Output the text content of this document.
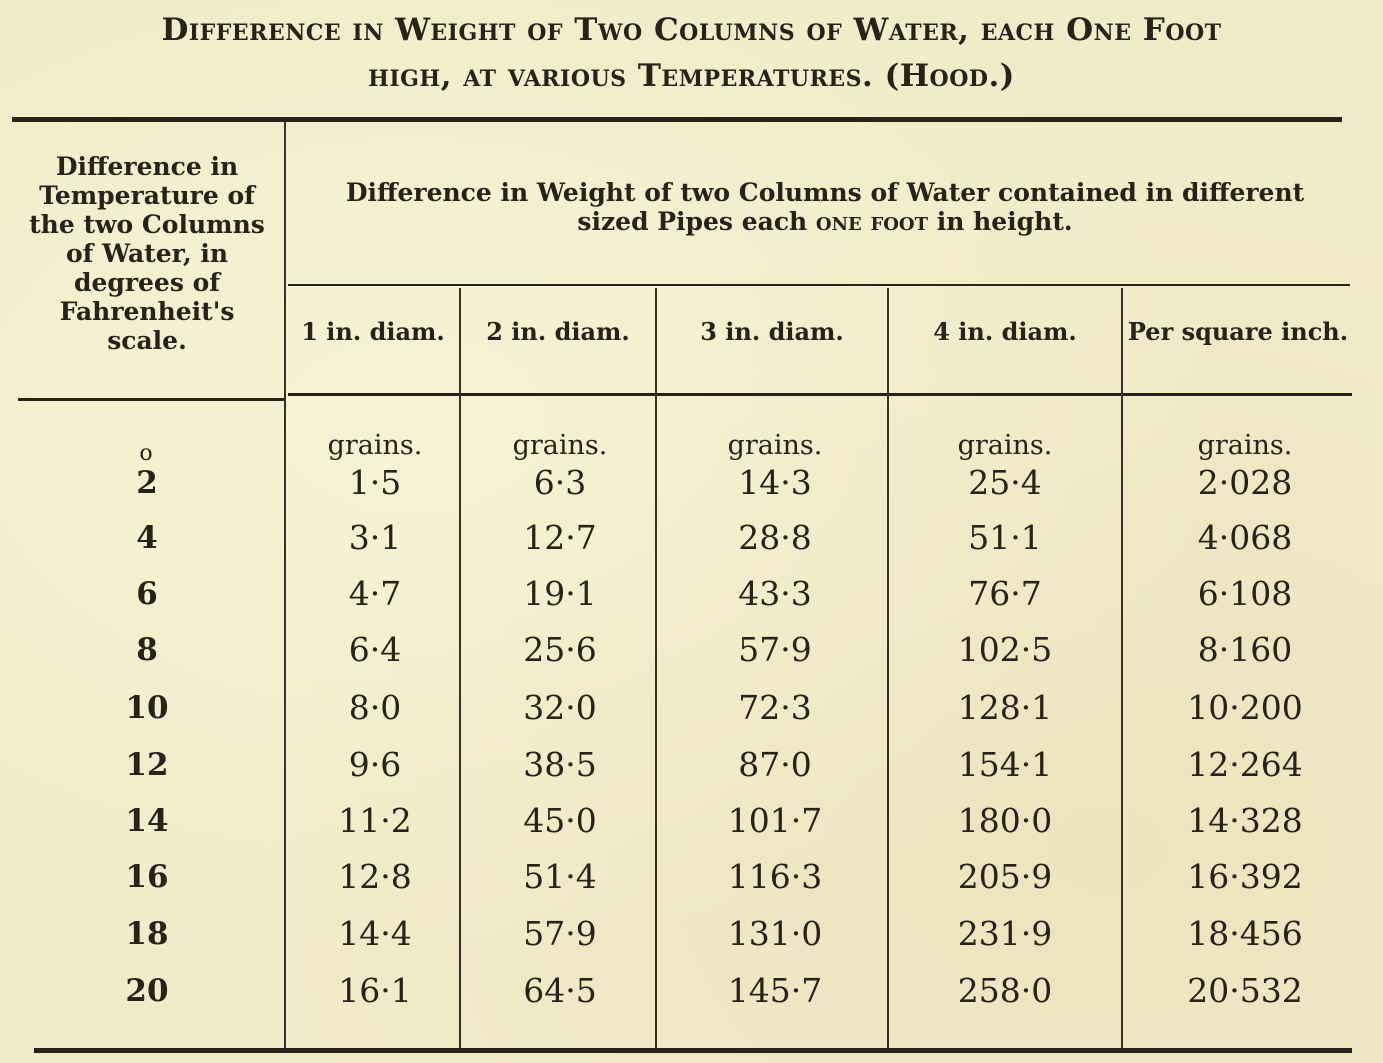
Difference in Weight of Two Columns of Water, each One Foot
high, at various Temperatures. (Hood.)
Difference in
Temperature of
the two Columns
of Water, in
degrees of
Fahrenheit's
scale.
Difference in Weight of two Columns of Water contained in different
sized Pipes each one foot in height.
1 in. diam.	2 in. diam.	3 in. diam.	4 in. diam.	Per square inch.
o	grains.	grains.	grains.	grains.	grains.
2	1·5	6·3	14·3	25·4	2·028
4	3·1	12·7	28·8	51·1	4·068
6	4·7	19·1	43·3	76·7	6·108
8	6·4	25·6	57·9	102·5	8·160
10	8·0	32·0	72·3	128·1	10·200
12	9·6	38·5	87·0	154·1	12·264
14	11·2	45·0	101·7	180·0	14·328
16	12·8	51·4	116·3	205·9	16·392
18	14·4	57·9	131·0	231·9	18·456
20	16·1	64·5	145·7	258·0	20·532
